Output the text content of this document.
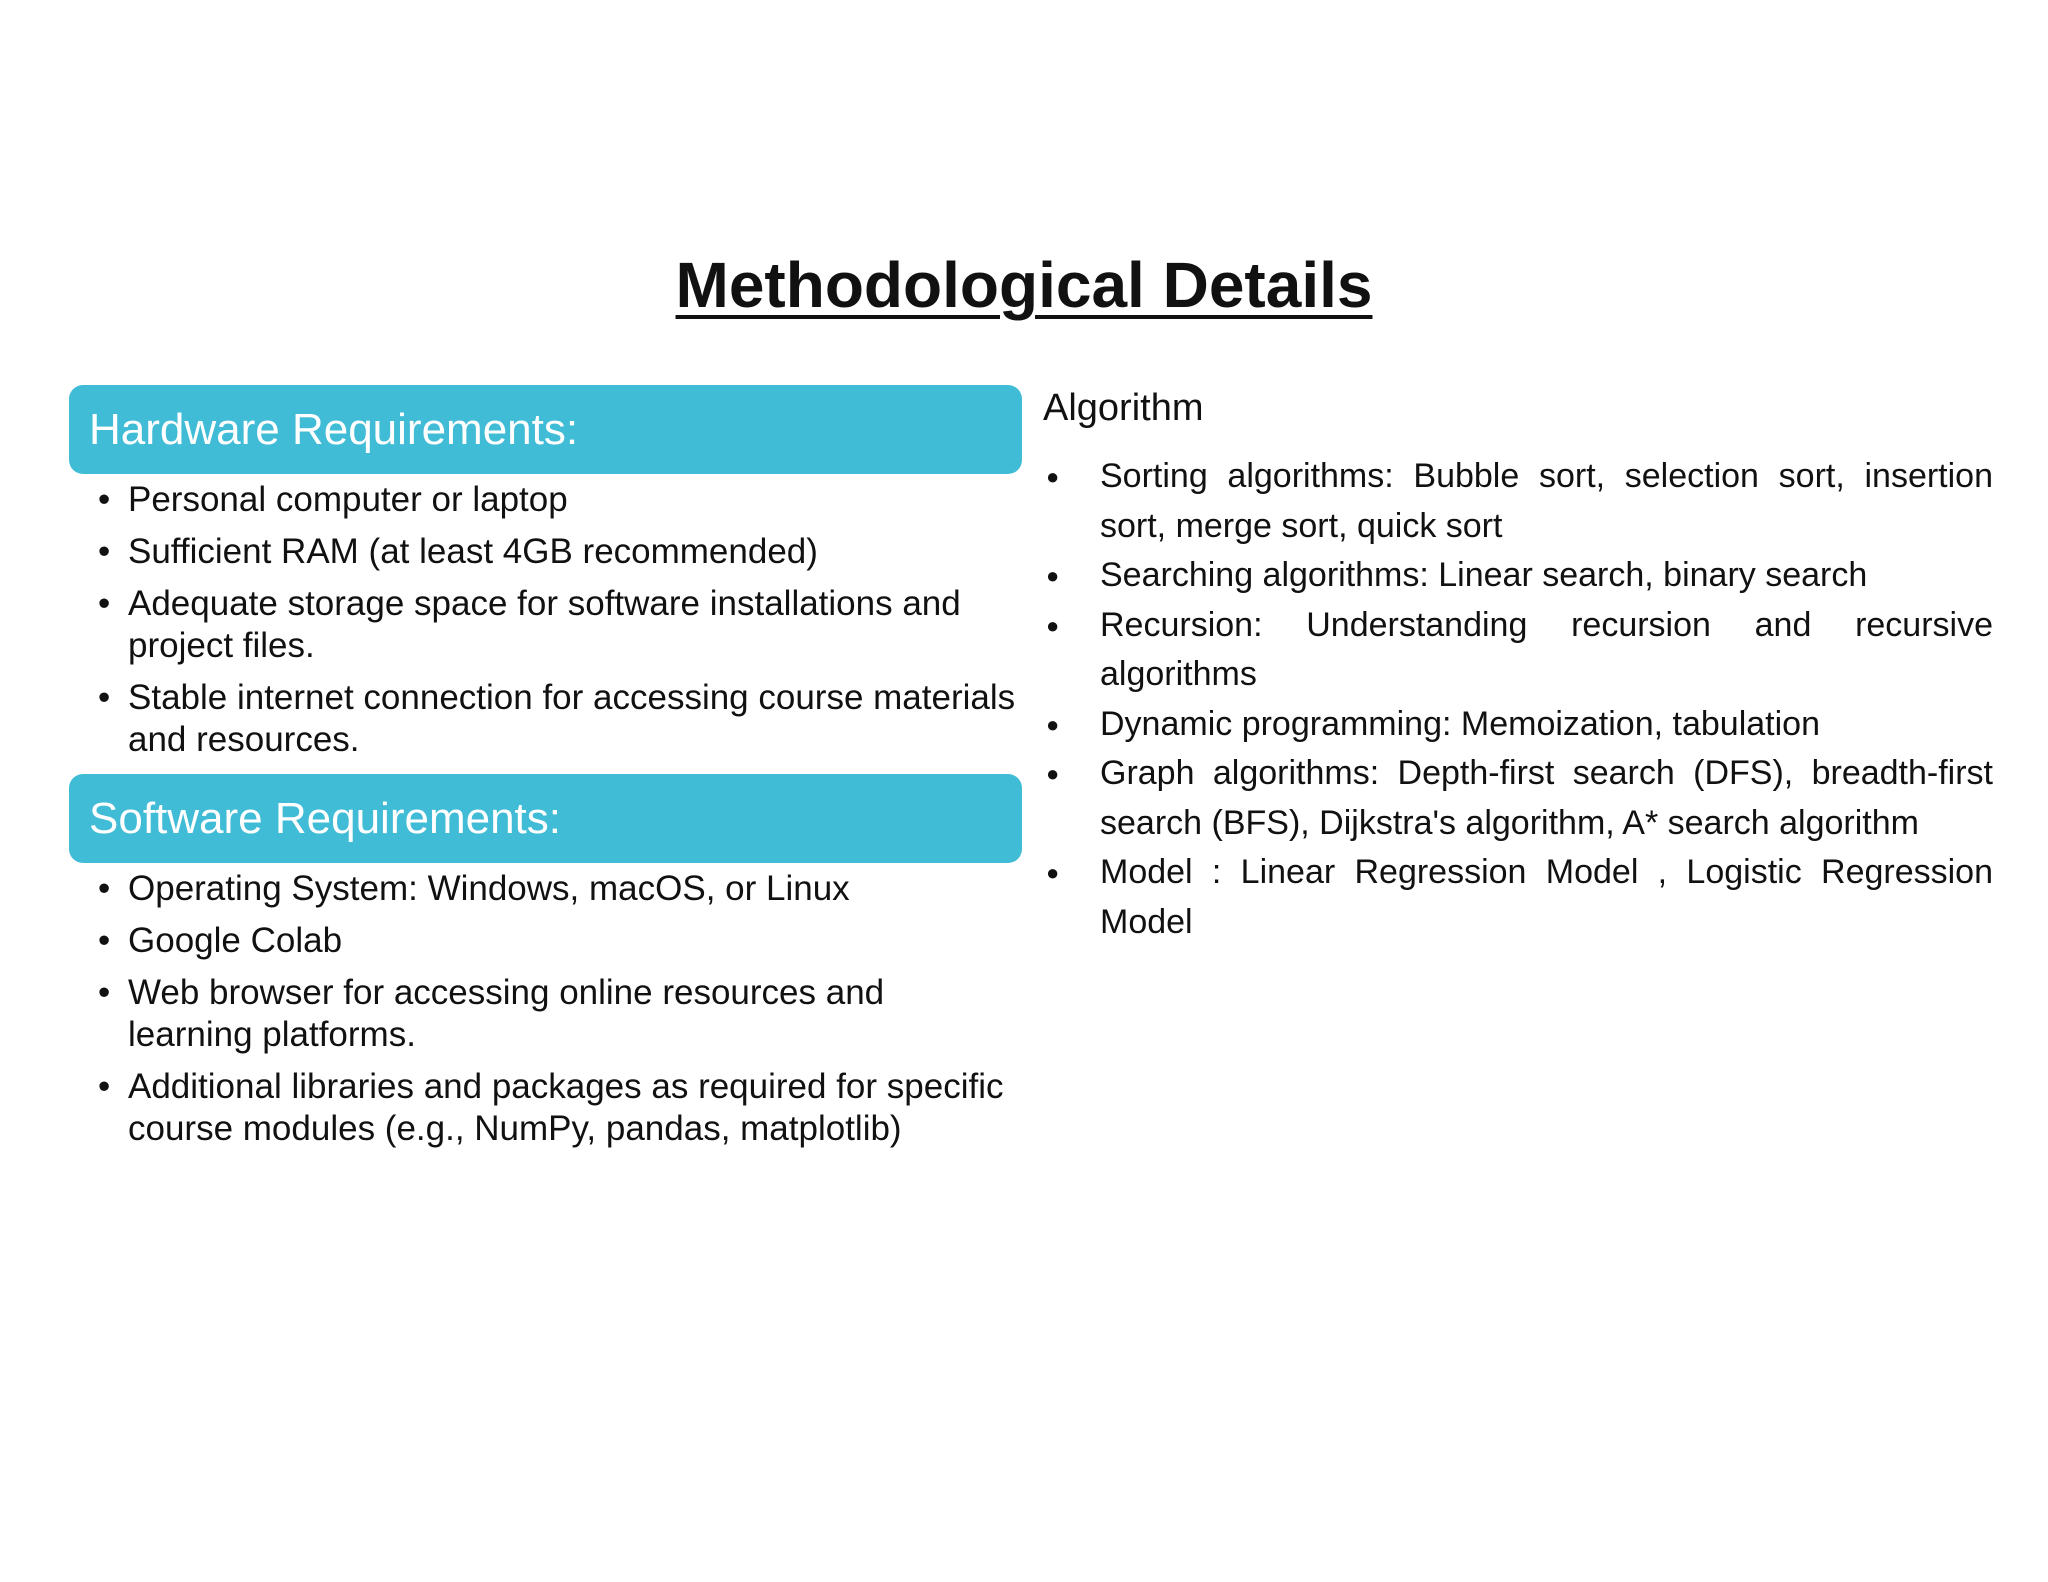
Methodological Details
Hardware Requirements:
• Personal computer or laptop
• Sufficient RAM (at least 4GB recommended)
• Adequate storage space for software installations and project files.
• Stable internet connection for accessing course materials and resources.
Software Requirements:
• Operating System: Windows, macOS, or Linux
• Google Colab
• Web browser for accessing online resources and learning platforms.
• Additional libraries and packages as required for specific course modules (e.g., NumPy, pandas, matplotlib)
Algorithm
● Sorting algorithms: Bubble sort, selection sort, insertion sort, merge sort, quick sort
● Searching algorithms: Linear search, binary search
● Recursion: Understanding recursion and recursive algorithms
● Dynamic programming: Memoization, tabulation
● Graph algorithms: Depth-first search (DFS), breadth-first search (BFS), Dijkstra's algorithm, A* search algorithm
● Model : Linear Regression Model , Logistic Regression Model
